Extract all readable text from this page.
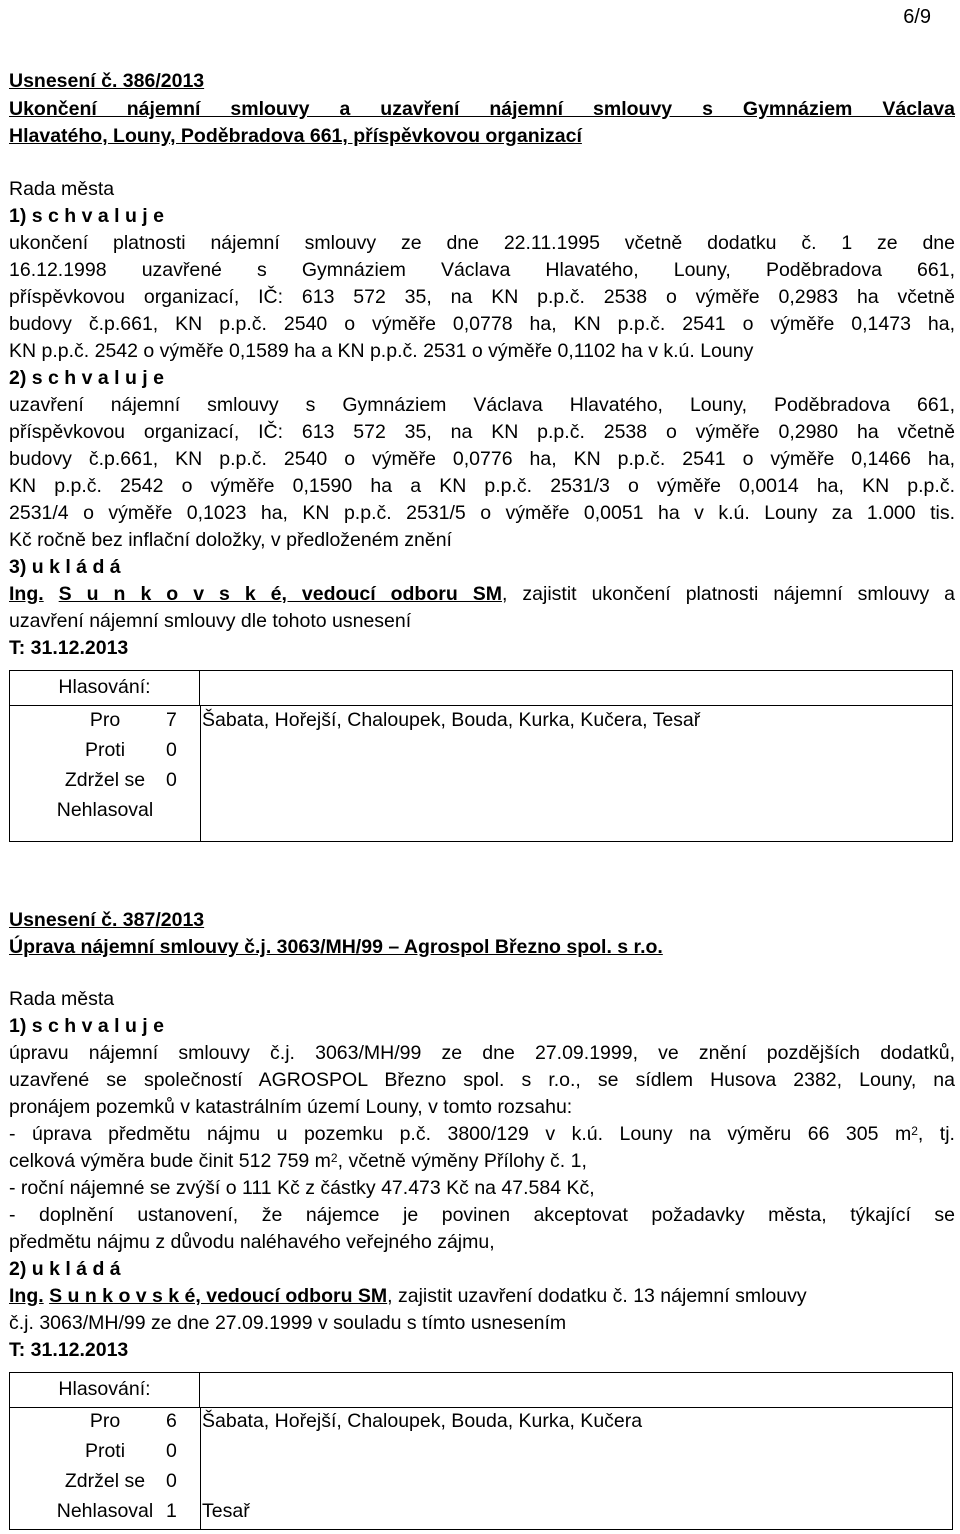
6/9
Usnesení č. 386/2013
Ukončení nájemní smlouvy a uzavření nájemní smlouvy s Gymnáziem Václava
Hlavatého, Louny, Poděbradova 661, příspěvkovou organizací
Rada města
1) s c h v a l u j e
ukončení platnosti nájemní smlouvy ze dne 22.11.1995 včetně dodatku č. 1 ze dne
16.12.1998 uzavřené s Gymnáziem Václava Hlavatého, Louny, Poděbradova 661,
příspěvkovou organizací, IČ: 613 572 35, na KN p.p.č. 2538 o výměře 0,2983 ha včetně
budovy č.p.661, KN p.p.č. 2540 o výměře 0,0778 ha, KN p.p.č. 2541 o výměře 0,1473 ha,
KN p.p.č. 2542 o výměře 0,1589 ha a KN p.p.č. 2531 o výměře 0,1102 ha v k.ú. Louny
2) s c h v a l u j e
uzavření nájemní smlouvy s Gymnáziem Václava Hlavatého, Louny, Poděbradova 661,
příspěvkovou organizací, IČ: 613 572 35, na KN p.p.č. 2538 o výměře 0,2980 ha včetně
budovy č.p.661, KN p.p.č. 2540 o výměře 0,0776 ha, KN p.p.č. 2541 o výměře 0,1466 ha,
KN p.p.č. 2542 o výměře 0,1590 ha a KN p.p.č. 2531/3 o výměře 0,0014 ha, KN p.p.č.
2531/4 o výměře 0,1023 ha, KN p.p.č. 2531/5 o výměře 0,0051 ha v k.ú. Louny za 1.000 tis.
Kč ročně bez inflační doložky, v předloženém znění
3) u k l á d á
Ing. S u n k o v s k é, vedoucí odboru SM, zajistit ukončení platnosti nájemní smlouvy a
uzavření nájemní smlouvy dle tohoto usnesení
T: 31.12.2013
Hlasování:
Pro	7	Šabata, Hořejší, Chaloupek, Bouda, Kurka, Kučera, Tesař
Proti	0
Zdržel se	0
Nehlasoval
Usnesení č. 387/2013
Úprava nájemní smlouvy č.j. 3063/MH/99 – Agrospol Březno spol. s r.o.
Rada města
1) s c h v a l u j e
úpravu nájemní smlouvy č.j. 3063/MH/99 ze dne 27.09.1999, ve znění pozdějších dodatků,
uzavřené se společností AGROSPOL Březno spol. s r.o., se sídlem Husova 2382, Louny, na
pronájem pozemků v katastrálním území Louny, v tomto rozsahu:
- úprava předmětu nájmu u pozemku p.č. 3800/129 v k.ú. Louny na výměru 66 305 $m^2$, tj.
celková výměra bude činit 512 759 $m^2$, včetně výměny Přílohy č. 1,
- roční nájemné se zvýší o 111 Kč z částky 47.473 Kč na 47.584 Kč,
- doplnění ustanovení, že nájemce je povinen akceptovat požadavky města, týkající se
předmětu nájmu z důvodu naléhavého veřejného zájmu,
2) u k l á d á
Ing. S u n k o v s k é, vedoucí odboru SM, zajistit uzavření dodatku č. 13 nájemní smlouvy
č.j. 3063/MH/99 ze dne 27.09.1999 v souladu s tímto usnesením
T: 31.12.2013
Hlasování:
Pro	6	Šabata, Hořejší, Chaloupek, Bouda, Kurka, Kučera
Proti	0
Zdržel se	0
Nehlasoval 1	Tesař
